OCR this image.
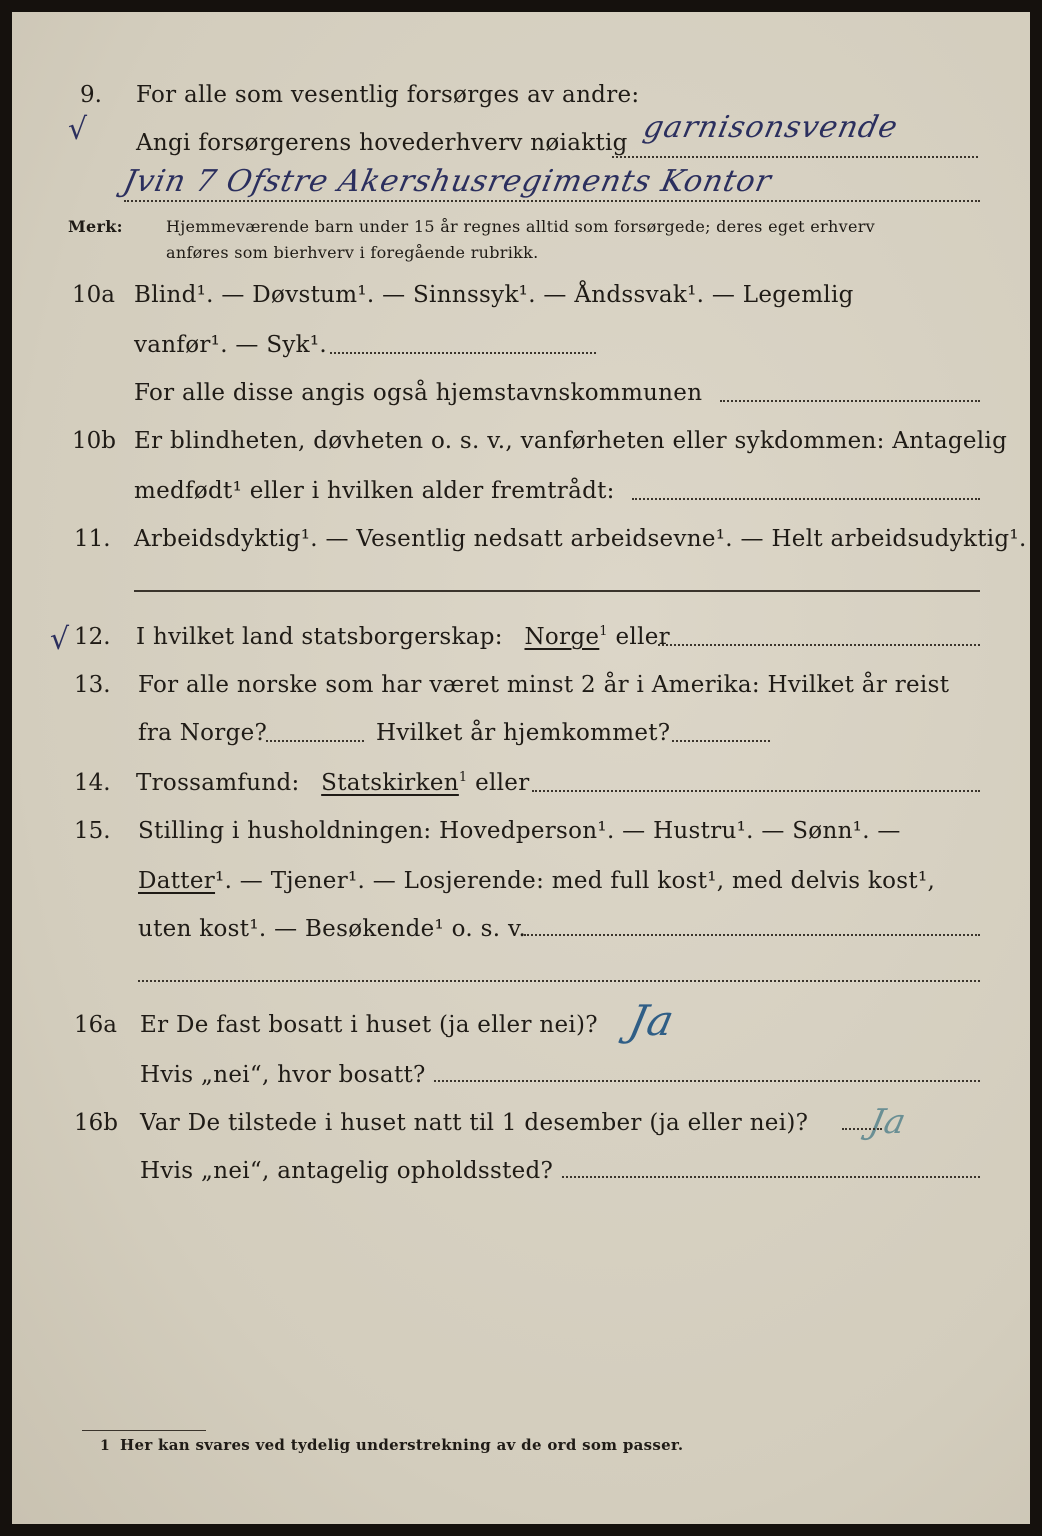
9.
√
For alle som vesentlig forsørges av andre:
Angi forsørgerens hovederhverv nøiaktig garnisonsvende
Jvin 7 Ofstre Akershusregiments Kontor
Merk:	Hjemmeværende barn under 15 år regnes alltid som forsørgede; deres eget erhverv
anføres som bierhverv i foregående rubrikk.
10a Blind¹. — Døvstum¹. — Sinnssyk¹. — Åndssvak¹. — Legemlig
vanfør¹. — Syk¹.
For alle disse angis også hjemstavnskommunen
10b Er blindheten, døvheten o. s. v., vanførheten eller sykdommen: Antagelig
medfødt¹ eller i hvilken alder fremtrådt:
11. Arbeidsdyktig¹. — Vesentlig nedsatt arbeidsevne¹. — Helt arbeidsudyktig¹.
√ 12. I hvilket land statsborgerskap: Norge$^1$ eller
13. For alle norske som har været minst 2 år i Amerika: Hvilket år reist
fra Norge?	Hvilket år hjemkommet?
14. Trossamfund: Statskirken$^1$ eller
15. Stilling i husholdningen: Hovedperson¹. — Hustru¹. — Sønn¹. —
Datter¹. — Tjener¹. — Losjerende: med full kost¹, med delvis kost¹,
uten kost¹. — Besøkende¹ o. s. v.
16a Er De fast bosatt i huset (ja eller nei)? Ja
Hvis „nei“, hvor bosatt?
16b Var De tilstede i huset natt til 1 desember (ja eller nei)? Ja
Hvis „nei“, antagelig opholdssted?
1 Her kan svares ved tydelig understrekning av de ord som passer.
